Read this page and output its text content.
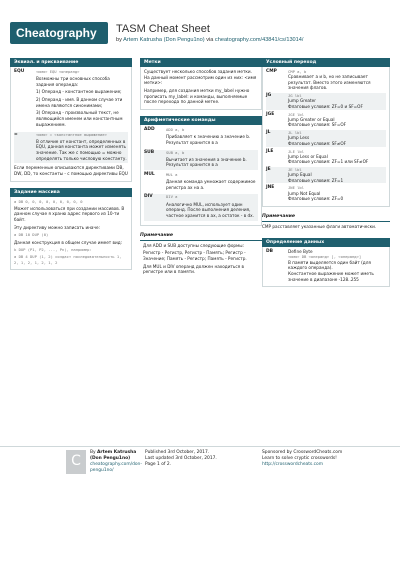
Cheatography TASM Cheat Sheet
by Artem Katrusha (Don Pengu1no) via cheatography.com/43841/cs/13014/
Эквиал. и присваивание
EQU	<имя> EQU <операнд>
Возможны три основных способа задания операнда:
1) Операнд - константное выражение;
2) Операнд - имя. В данном случае эти имена являются синонимами;
3) Операнд - произвольный текст, не являющийся именем или константным выражением.
=	<имя> = <константное выражение>
В отличие от констант, определенных в EQU, данная константа может изменять значение. Так же с помощью = можно определять только числовую константу.
Если переменные описываются директивами DB, DW, DD, то константы - с помощью директивы EQU
Задание массива
a DB 0, 0, 0, 0, 0, 0, 0, 0, 0
Может использоваться при создании массивов. В данном случае я храню адрес первого из 10-ти байт.
Эту директиву можно записать иначе:
a DB 10 DUP (0)
Данная конструкция в общем случае имеет вид:
k DUP (P1, P2, ..., Pn), например:
a DB 4 DUP (1, 2) создаст последовательность 1, 2, 1, 2, 1, 2, 1, 2
Метки
Существует несколько способов задания метки. На данный момент рассмотрим один из них: <имя метки>:
Например, для создания метки my_label нужно прописать my_label: и команды, выполняемые после перехода по данной метке.
Арифметические команды
ADD	ADD a, b
Прибавляет к значению a значение b. Результат хранится в a
SUB	SUB a, b
Вычитает из значения a значение b. Результат хранится в a
MUL	MUL a
Данная команда умножает содержимое регистра ax на a.
DIV	DIV a
Аналогично MUL, использует один операнд. После выполнения деления, частное хранится в ax, а остаток - в dx.
Примечание
Для ADD и SUB доступны следующие формы:
Регистр - Регистр, Регистр - Память; Регистр - Значение; Память - Регистр; Память - Регистр.
Для MUL и DIV операнд должен находиться в регистре или в памяти.
Условный переход
CMP	CMP a, b
Сравнивает a и b, но не записывает результат. Вместо этого изменяются значения флагов.
JG	JG lbl
Jump Greater
Флаговые условия: ZF=0 и SF=OF
JGE	JGE lbl
Jump Greater or Equal
Флаговые условия: SF=OF
JL	JL lbl
Jump Less
Флаговые условия: SF≠OF
JLE	JLE lbl
Jump Less or Equal
Флаговые условия: ZF=1 или SF≠OF
JE	JE lbl
Jump Equal
Флаговые условия: ZF=1
JNE	JNE lbl
Jump Not Equal
Флаговые условия: ZF=0
Примечание
CMP расставляет указанные флаги автоматически.
Определение данных
DB	Define Byte
<имя> DB <операнд> [, <операнд>]
В памяти выделяется один байт (для каждого операнда).
Константное выражение может иметь значение в диапазоне -128..255
C
By Artem Katrusha (Don Pengu1no)
cheatography.com/don-pengu1no/
Published 3rd October, 2017.
Last updated 3rd October, 2017.
Page 1 of 2.
Sponsored by CrosswordCheats.com
Learn to solve cryptic crosswords!
http://crosswordcheats.com
